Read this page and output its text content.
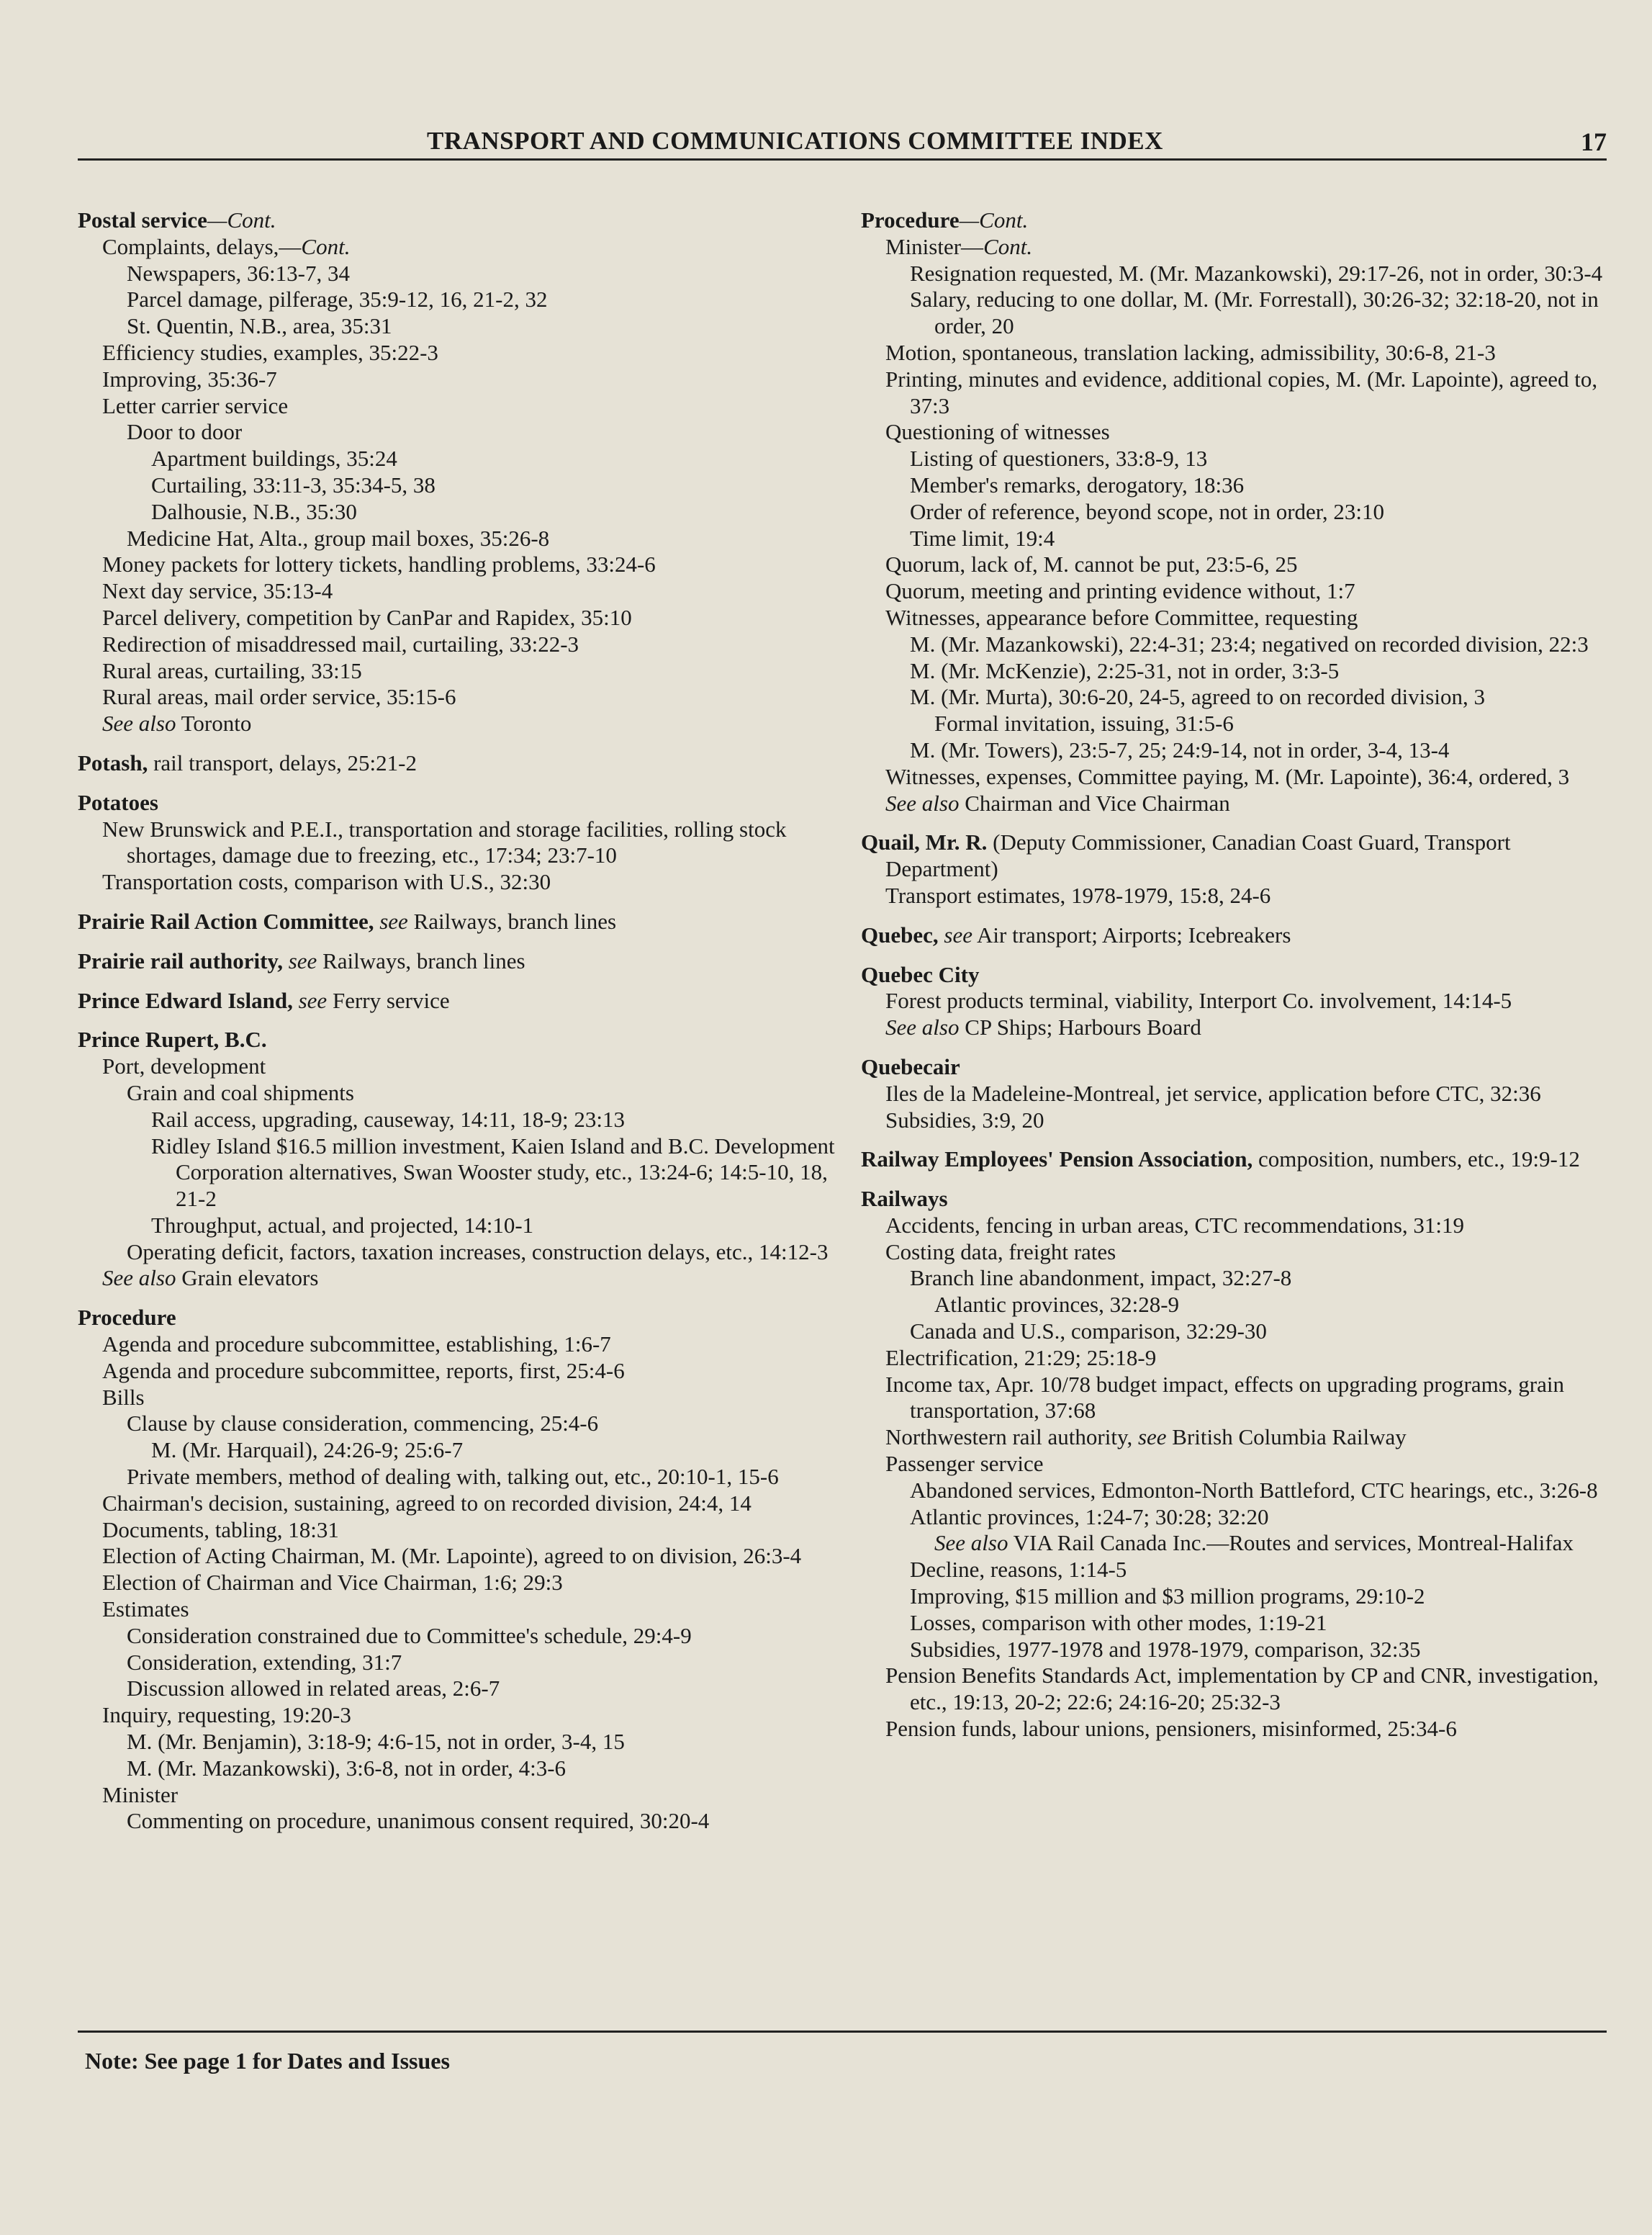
TRANSPORT AND COMMUNICATIONS COMMITTEE INDEX	17
Postal service—Cont.
Complaints, delays,—Cont.
Newspapers, 36:13-7, 34
Parcel damage, pilferage, 35:9-12, 16, 21-2, 32
St. Quentin, N.B., area, 35:31
Efficiency studies, examples, 35:22-3
Improving, 35:36-7
Letter carrier service
Door to door
Apartment buildings, 35:24
Curtailing, 33:11-3, 35:34-5, 38
Dalhousie, N.B., 35:30
Medicine Hat, Alta., group mail boxes, 35:26-8
Money packets for lottery tickets, handling problems, 33:24-6
Next day service, 35:13-4
Parcel delivery, competition by CanPar and Rapidex, 35:10
Redirection of misaddressed mail, curtailing, 33:22-3
Rural areas, curtailing, 33:15
Rural areas, mail order service, 35:15-6
See also Toronto
Potash, rail transport, delays, 25:21-2
Potatoes
New Brunswick and P.E.I., transportation and storage facilities, rolling stock shortages, damage due to freezing, etc., 17:34; 23:7-10
Transportation costs, comparison with U.S., 32:30
Prairie Rail Action Committee, see Railways, branch lines
Prairie rail authority, see Railways, branch lines
Prince Edward Island, see Ferry service
Prince Rupert, B.C.
Port, development
Grain and coal shipments
Rail access, upgrading, causeway, 14:11, 18-9; 23:13
Ridley Island $16.5 million investment, Kaien Island and B.C. Development Corporation alternatives, Swan Wooster study, etc., 13:24-6; 14:5-10, 18, 21-2
Throughput, actual, and projected, 14:10-1
Operating deficit, factors, taxation increases, construction delays, etc., 14:12-3
See also Grain elevators
Procedure
Agenda and procedure subcommittee, establishing, 1:6-7
Agenda and procedure subcommittee, reports, first, 25:4-6
Bills
Clause by clause consideration, commencing, 25:4-6
M. (Mr. Harquail), 24:26-9; 25:6-7
Private members, method of dealing with, talking out, etc., 20:10-1, 15-6
Chairman's decision, sustaining, agreed to on recorded division, 24:4, 14
Documents, tabling, 18:31
Election of Acting Chairman, M. (Mr. Lapointe), agreed to on division, 26:3-4
Election of Chairman and Vice Chairman, 1:6; 29:3
Estimates
Consideration constrained due to Committee's schedule, 29:4-9
Consideration, extending, 31:7
Discussion allowed in related areas, 2:6-7
Inquiry, requesting, 19:20-3
M. (Mr. Benjamin), 3:18-9; 4:6-15, not in order, 3-4, 15
M. (Mr. Mazankowski), 3:6-8, not in order, 4:3-6
Minister
Commenting on procedure, unanimous consent required, 30:20-4
Procedure—Cont.
Minister—Cont.
Resignation requested, M. (Mr. Mazankowski), 29:17-26, not in order, 30:3-4
Salary, reducing to one dollar, M. (Mr. Forrestall), 30:26-32; 32:18-20, not in order, 20
Motion, spontaneous, translation lacking, admissibility, 30:6-8, 21-3
Printing, minutes and evidence, additional copies, M. (Mr. Lapointe), agreed to, 37:3
Questioning of witnesses
Listing of questioners, 33:8-9, 13
Member's remarks, derogatory, 18:36
Order of reference, beyond scope, not in order, 23:10
Time limit, 19:4
Quorum, lack of, M. cannot be put, 23:5-6, 25
Quorum, meeting and printing evidence without, 1:7
Witnesses, appearance before Committee, requesting
M. (Mr. Mazankowski), 22:4-31; 23:4; negatived on recorded division, 22:3
M. (Mr. McKenzie), 2:25-31, not in order, 3:3-5
M. (Mr. Murta), 30:6-20, 24-5, agreed to on recorded division, 3
Formal invitation, issuing, 31:5-6
M. (Mr. Towers), 23:5-7, 25; 24:9-14, not in order, 3-4, 13-4
Witnesses, expenses, Committee paying, M. (Mr. Lapointe), 36:4, ordered, 3
See also Chairman and Vice Chairman
Quail, Mr. R. (Deputy Commissioner, Canadian Coast Guard, Transport Department)
Transport estimates, 1978-1979, 15:8, 24-6
Quebec, see Air transport; Airports; Icebreakers
Quebec City
Forest products terminal, viability, Interport Co. involvement, 14:14-5
See also CP Ships; Harbours Board
Quebecair
Iles de la Madeleine-Montreal, jet service, application before CTC, 32:36
Subsidies, 3:9, 20
Railway Employees' Pension Association, composition, numbers, etc., 19:9-12
Railways
Accidents, fencing in urban areas, CTC recommendations, 31:19
Costing data, freight rates
Branch line abandonment, impact, 32:27-8
Atlantic provinces, 32:28-9
Canada and U.S., comparison, 32:29-30
Electrification, 21:29; 25:18-9
Income tax, Apr. 10/78 budget impact, effects on upgrading programs, grain transportation, 37:68
Northwestern rail authority, see British Columbia Railway
Passenger service
Abandoned services, Edmonton-North Battleford, CTC hearings, etc., 3:26-8
Atlantic provinces, 1:24-7; 30:28; 32:20
See also VIA Rail Canada Inc.—Routes and services, Montreal-Halifax
Decline, reasons, 1:14-5
Improving, $15 million and $3 million programs, 29:10-2
Losses, comparison with other modes, 1:19-21
Subsidies, 1977-1978 and 1978-1979, comparison, 32:35
Pension Benefits Standards Act, implementation by CP and CNR, investigation, etc., 19:13, 20-2; 22:6; 24:16-20; 25:32-3
Pension funds, labour unions, pensioners, misinformed, 25:34-6
Note: See page 1 for Dates and Issues
